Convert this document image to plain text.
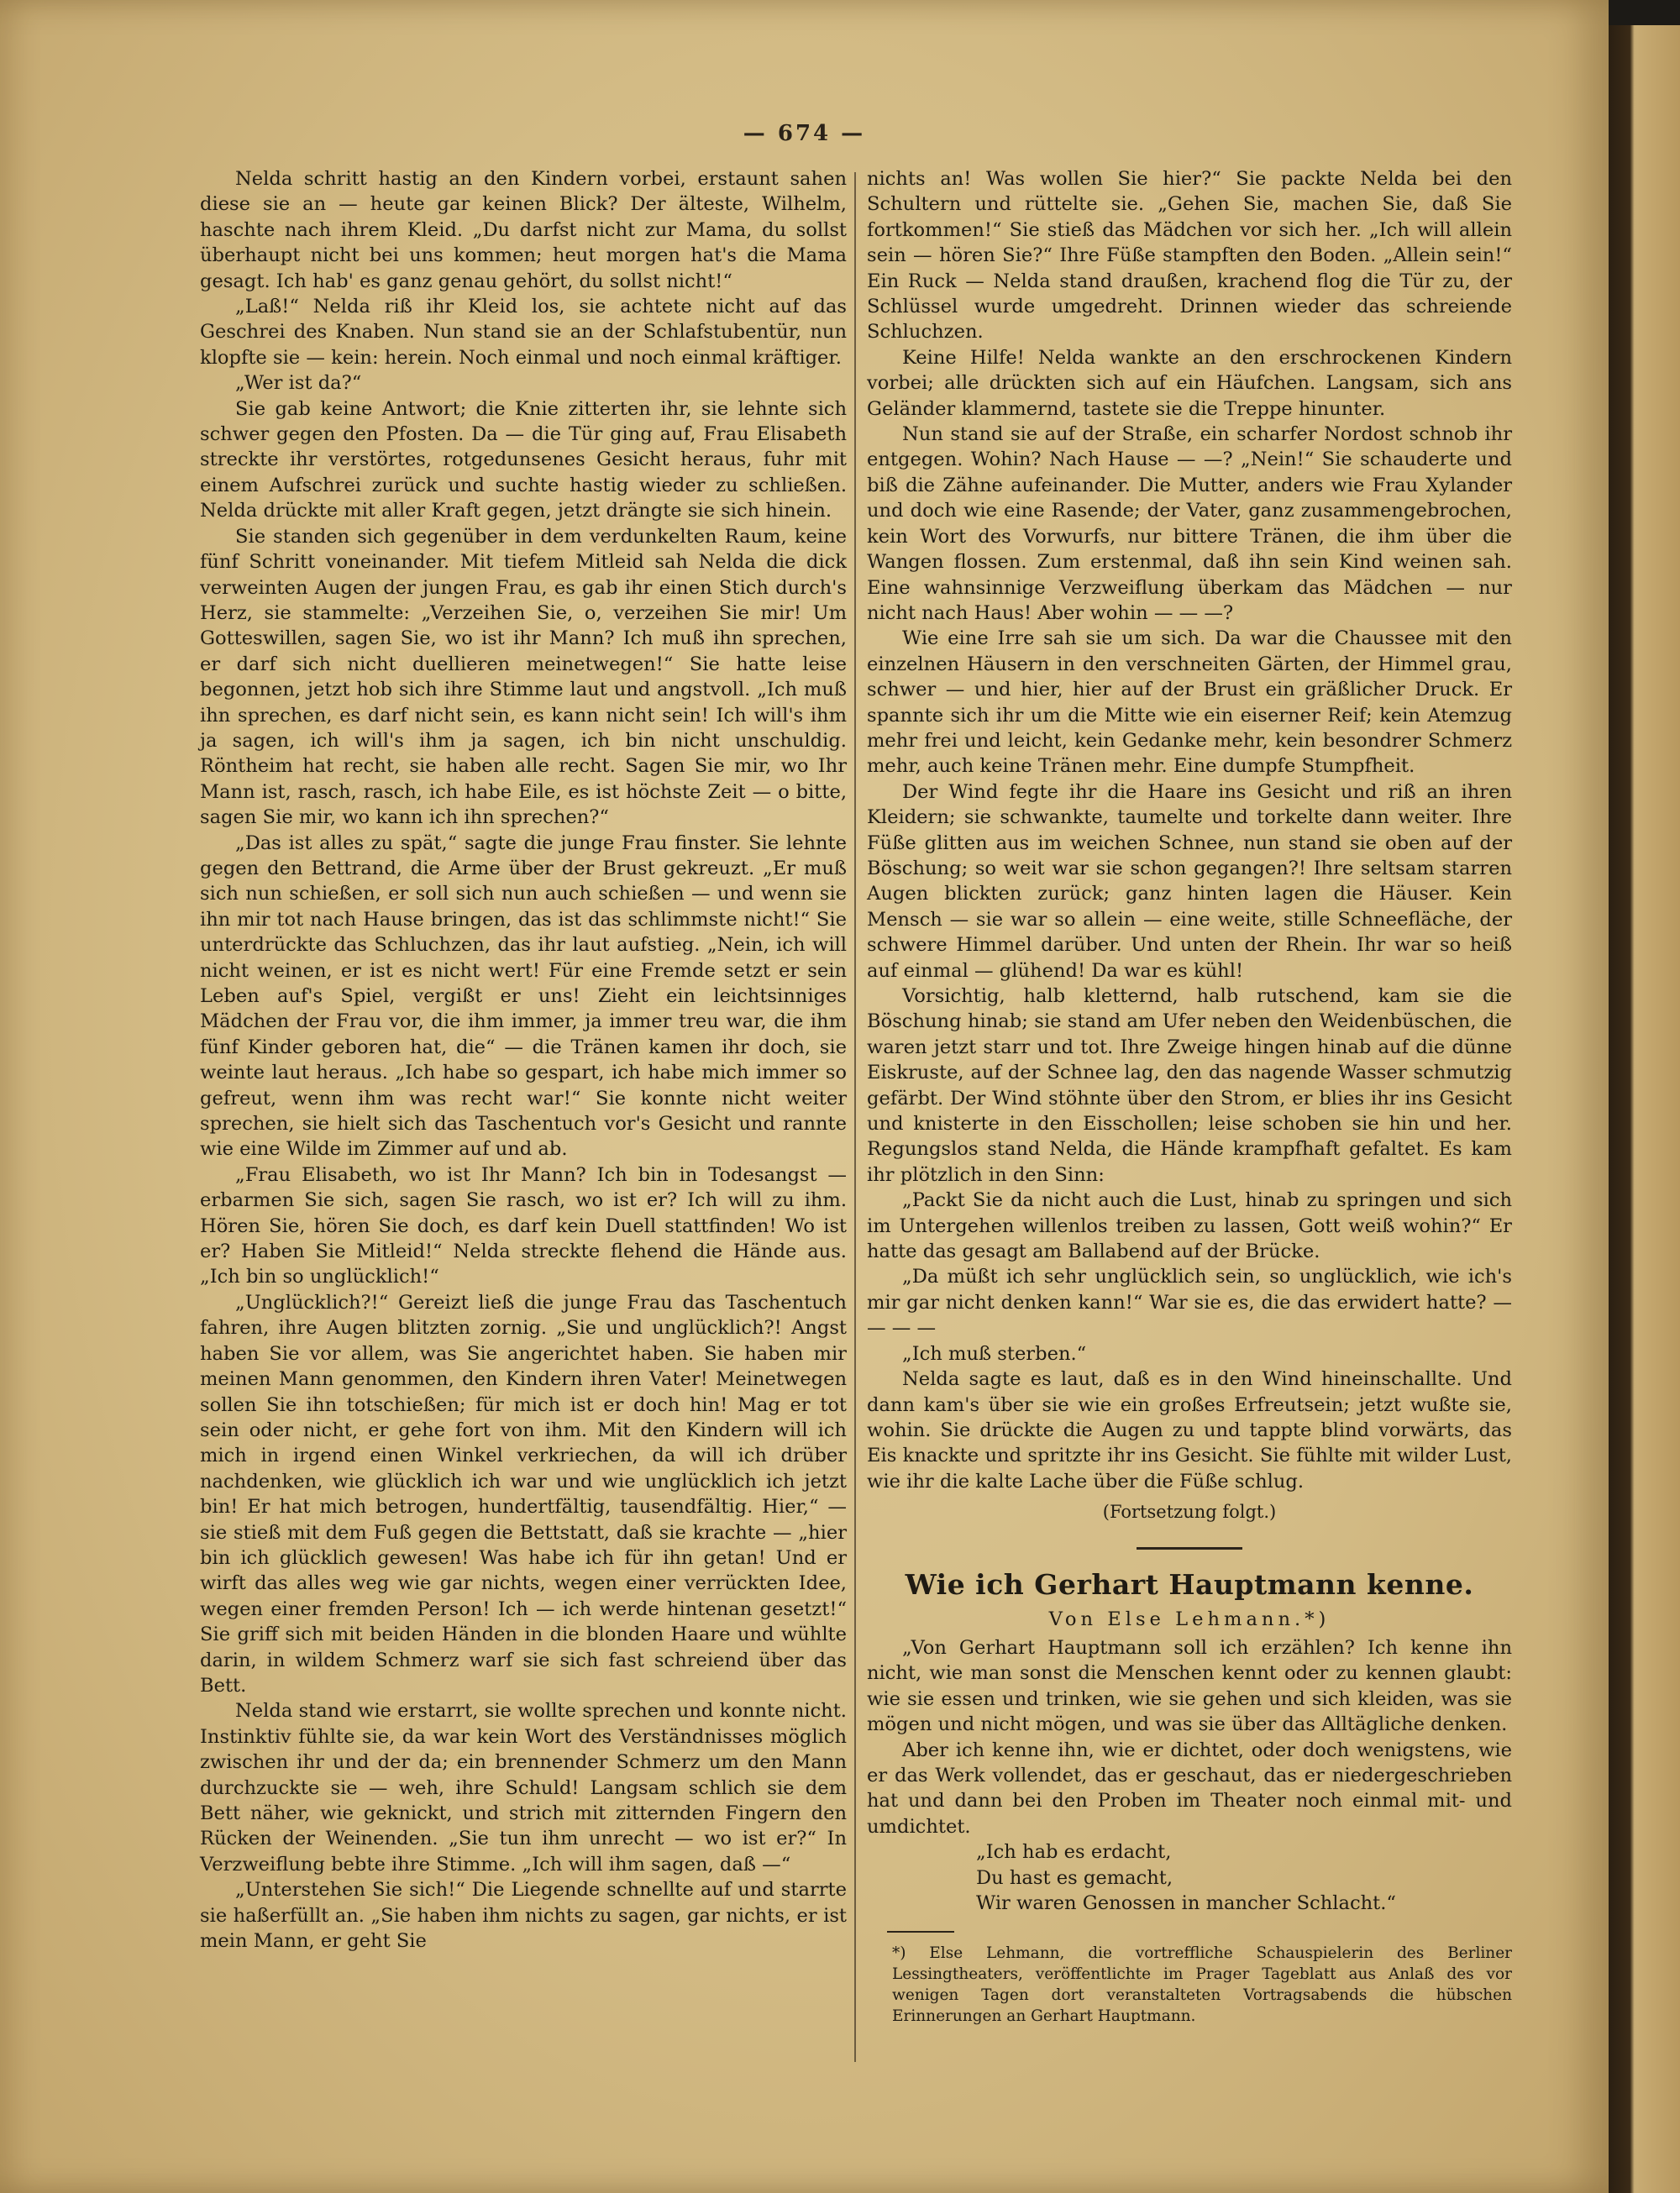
— 674 —

Nelda schritt hastig an den Kindern vorbei, erstaunt sahen diese sie an — heute gar keinen Blick? Der älteste, Wilhelm, haschte nach ihrem Kleid. „Du darfst nicht zur Mama, du sollst überhaupt nicht bei uns kommen; heut morgen hat's die Mama gesagt. Ich hab' es ganz genau gehört, du sollst nicht!“

„Laß!“ Nelda riß ihr Kleid los, sie achtete nicht auf das Geschrei des Knaben. Nun stand sie an der Schlafstubentür, nun klopfte sie — kein: herein. Noch einmal und noch einmal kräftiger.

„Wer ist da?“

Sie gab keine Antwort; die Knie zitterten ihr, sie lehnte sich schwer gegen den Pfosten. Da — die Tür ging auf, Frau Elisabeth streckte ihr verstörtes, rotgedunsenes Gesicht heraus, fuhr mit einem Aufschrei zurück und suchte hastig wieder zu schließen. Nelda drückte mit aller Kraft gegen, jetzt drängte sie sich hinein.

Sie standen sich gegenüber in dem verdunkelten Raum, keine fünf Schritt voneinander. Mit tiefem Mitleid sah Nelda die dick verweinten Augen der jungen Frau, es gab ihr einen Stich durch's Herz, sie stammelte: „Verzeihen Sie, o, verzeihen Sie mir! Um Gotteswillen, sagen Sie, wo ist ihr Mann? Ich muß ihn sprechen, er darf sich nicht duellieren meinetwegen!“ Sie hatte leise begonnen, jetzt hob sich ihre Stimme laut und angstvoll. „Ich muß ihn sprechen, es darf nicht sein, es kann nicht sein! Ich will's ihm ja sagen, ich will's ihm ja sagen, ich bin nicht unschuldig. Röntheim hat recht, sie haben alle recht. Sagen Sie mir, wo Ihr Mann ist, rasch, rasch, ich habe Eile, es ist höchste Zeit — o bitte, sagen Sie mir, wo kann ich ihn sprechen?“

„Das ist alles zu spät,“ sagte die junge Frau finster. Sie lehnte gegen den Bettrand, die Arme über der Brust gekreuzt. „Er muß sich nun schießen, er soll sich nun auch schießen — und wenn sie ihn mir tot nach Hause bringen, das ist das schlimmste nicht!“ Sie unterdrückte das Schluchzen, das ihr laut aufstieg. „Nein, ich will nicht weinen, er ist es nicht wert! Für eine Fremde setzt er sein Leben auf's Spiel, vergißt er uns! Zieht ein leichtsinniges Mädchen der Frau vor, die ihm immer, ja immer treu war, die ihm fünf Kinder geboren hat, die“ — die Tränen kamen ihr doch, sie weinte laut heraus. „Ich habe so gespart, ich habe mich immer so gefreut, wenn ihm was recht war!“ Sie konnte nicht weiter sprechen, sie hielt sich das Taschentuch vor's Gesicht und rannte wie eine Wilde im Zimmer auf und ab.

„Frau Elisabeth, wo ist Ihr Mann? Ich bin in Todesangst — erbarmen Sie sich, sagen Sie rasch, wo ist er? Ich will zu ihm. Hören Sie, hören Sie doch, es darf kein Duell stattfinden! Wo ist er? Haben Sie Mitleid!“ Nelda streckte flehend die Hände aus. „Ich bin so unglücklich!“

„Unglücklich?!“ Gereizt ließ die junge Frau das Taschentuch fahren, ihre Augen blitzten zornig. „Sie und unglücklich?! Angst haben Sie vor allem, was Sie angerichtet haben. Sie haben mir meinen Mann genommen, den Kindern ihren Vater! Meinetwegen sollen Sie ihn totschießen; für mich ist er doch hin! Mag er tot sein oder nicht, er gehe fort von ihm. Mit den Kindern will ich mich in irgend einen Winkel verkriechen, da will ich drüber nachdenken, wie glücklich ich war und wie unglücklich ich jetzt bin! Er hat mich betrogen, hundertfältig, tausendfältig. Hier,“ — sie stieß mit dem Fuß gegen die Bettstatt, daß sie krachte — „hier bin ich glücklich gewesen! Was habe ich für ihn getan! Und er wirft das alles weg wie gar nichts, wegen einer verrückten Idee, wegen einer fremden Person! Ich — ich werde hintenan gesetzt!“ Sie griff sich mit beiden Händen in die blonden Haare und wühlte darin, in wildem Schmerz warf sie sich fast schreiend über das Bett.

Nelda stand wie erstarrt, sie wollte sprechen und konnte nicht. Instinktiv fühlte sie, da war kein Wort des Verständnisses möglich zwischen ihr und der da; ein brennender Schmerz um den Mann durchzuckte sie — weh, ihre Schuld! Langsam schlich sie dem Bett näher, wie geknickt, und strich mit zitternden Fingern den Rücken der Weinenden. „Sie tun ihm unrecht — wo ist er?“ In Verzweiflung bebte ihre Stimme. „Ich will ihm sagen, daß —“

„Unterstehen Sie sich!“ Die Liegende schnellte auf und starrte sie haßerfüllt an. „Sie haben ihm nichts zu sagen, gar nichts, er ist mein Mann, er geht Sie

nichts an! Was wollen Sie hier?“ Sie packte Nelda bei den Schultern und rüttelte sie. „Gehen Sie, machen Sie, daß Sie fortkommen!“ Sie stieß das Mädchen vor sich her. „Ich will allein sein — hören Sie?“ Ihre Füße stampften den Boden. „Allein sein!“ Ein Ruck — Nelda stand draußen, krachend flog die Tür zu, der Schlüssel wurde umgedreht. Drinnen wieder das schreiende Schluchzen.

Keine Hilfe! Nelda wankte an den erschrockenen Kindern vorbei; alle drückten sich auf ein Häufchen. Langsam, sich ans Geländer klammernd, tastete sie die Treppe hinunter.

Nun stand sie auf der Straße, ein scharfer Nordost schnob ihr entgegen. Wohin? Nach Hause — —? „Nein!“ Sie schauderte und biß die Zähne aufeinander. Die Mutter, anders wie Frau Xylander und doch wie eine Rasende; der Vater, ganz zusammengebrochen, kein Wort des Vorwurfs, nur bittere Tränen, die ihm über die Wangen flossen. Zum erstenmal, daß ihn sein Kind weinen sah. Eine wahnsinnige Verzweiflung überkam das Mädchen — nur nicht nach Haus! Aber wohin — — —?

Wie eine Irre sah sie um sich. Da war die Chaussee mit den einzelnen Häusern in den verschneiten Gärten, der Himmel grau, schwer — und hier, hier auf der Brust ein gräßlicher Druck. Er spannte sich ihr um die Mitte wie ein eiserner Reif; kein Atemzug mehr frei und leicht, kein Gedanke mehr, kein besondrer Schmerz mehr, auch keine Tränen mehr. Eine dumpfe Stumpfheit.

Der Wind fegte ihr die Haare ins Gesicht und riß an ihren Kleidern; sie schwankte, taumelte und torkelte dann weiter. Ihre Füße glitten aus im weichen Schnee, nun stand sie oben auf der Böschung; so weit war sie schon gegangen?! Ihre seltsam starren Augen blickten zurück; ganz hinten lagen die Häuser. Kein Mensch — sie war so allein — eine weite, stille Schneefläche, der schwere Himmel darüber. Und unten der Rhein. Ihr war so heiß auf einmal — glühend! Da war es kühl!

Vorsichtig, halb kletternd, halb rutschend, kam sie die Böschung hinab; sie stand am Ufer neben den Weidenbüschen, die waren jetzt starr und tot. Ihre Zweige hingen hinab auf die dünne Eiskruste, auf der Schnee lag, den das nagende Wasser schmutzig gefärbt. Der Wind stöhnte über den Strom, er blies ihr ins Gesicht und knisterte in den Eisschollen; leise schoben sie hin und her. Regungslos stand Nelda, die Hände krampfhaft gefaltet. Es kam ihr plötzlich in den Sinn:

„Packt Sie da nicht auch die Lust, hinab zu springen und sich im Untergehen willenlos treiben zu lassen, Gott weiß wohin?“ Er hatte das gesagt am Ballabend auf der Brücke.

„Da müßt ich sehr unglücklich sein, so unglücklich, wie ich's mir gar nicht denken kann!“ War sie es, die das erwidert hatte? — — — —

„Ich muß sterben.“

Nelda sagte es laut, daß es in den Wind hineinschallte. Und dann kam's über sie wie ein großes Erfreutsein; jetzt wußte sie, wohin. Sie drückte die Augen zu und tappte blind vorwärts, das Eis knackte und spritzte ihr ins Gesicht. Sie fühlte mit wilder Lust, wie ihr die kalte Lache über die Füße schlug.

(Fortsetzung folgt.)

Wie ich Gerhart Hauptmann kenne.

Von Else Lehmann.*)

„Von Gerhart Hauptmann soll ich erzählen? Ich kenne ihn nicht, wie man sonst die Menschen kennt oder zu kennen glaubt: wie sie essen und trinken, wie sie gehen und sich kleiden, was sie mögen und nicht mögen, und was sie über das Alltägliche denken.

Aber ich kenne ihn, wie er dichtet, oder doch wenigstens, wie er das Werk vollendet, das er geschaut, das er niedergeschrieben hat und dann bei den Proben im Theater noch einmal mit- und umdichtet.

„Ich hab es erdacht,

Du hast es gemacht,

Wir waren Genossen in mancher Schlacht.“

*) Else Lehmann, die vortreffliche Schauspielerin des Berliner Lessingtheaters, veröffentlichte im Prager Tageblatt aus Anlaß des vor wenigen Tagen dort veranstalteten Vortragsabends die hübschen Erinnerungen an Gerhart Hauptmann.
